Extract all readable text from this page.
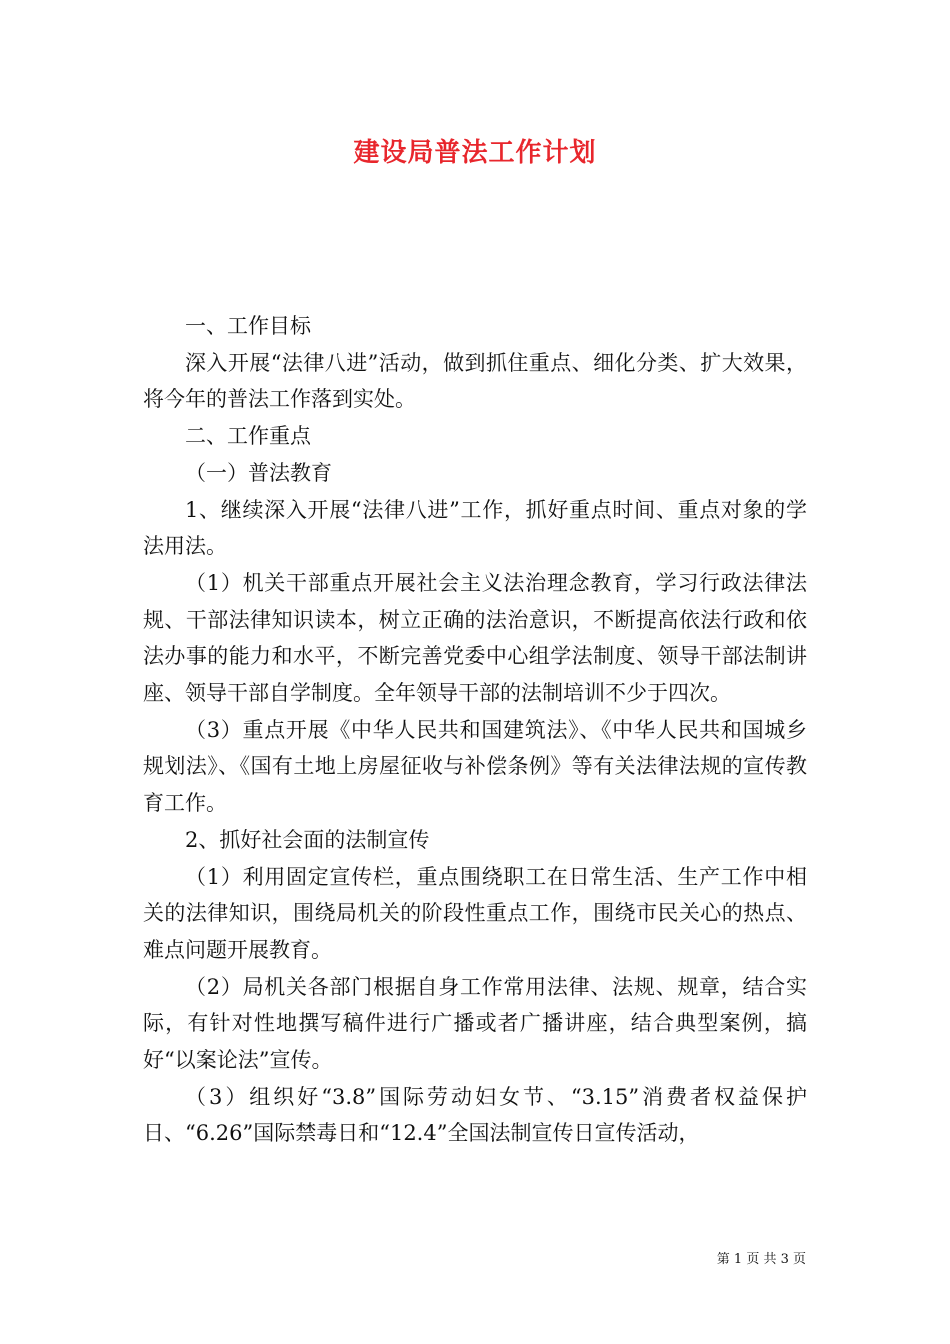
建设局普法工作计划

一、工作目标

深入开展“法律八进”活动，做到抓住重点、细化分类、扩大效果，将今年的普法工作落到实处。

二、工作重点

（一）普法教育

1、继续深入开展“法律八进”工作，抓好重点时间、重点对象的学法用法。

（1）机关干部重点开展社会主义法治理念教育，学习行政法律法规、干部法律知识读本，树立正确的法治意识，不断提高依法行政和依法办事的能力和水平，不断完善党委中心组学法制度、领导干部法制讲座、领导干部自学制度。全年领导干部的法制培训不少于四次。

（3）重点开展《中华人民共和国建筑法》、《中华人民共和国城乡规划法》、《国有土地上房屋征收与补偿条例》等有关法律法规的宣传教育工作。

2、抓好社会面的法制宣传

（1）利用固定宣传栏，重点围绕职工在日常生活、生产工作中相关的法律知识，围绕局机关的阶段性重点工作，围绕市民关心的热点、难点问题开展教育。

（2）局机关各部门根据自身工作常用法律、法规、规章，结合实际，有针对性地撰写稿件进行广播或者广播讲座，结合典型案例，搞好“以案论法”宣传。

（3）组织好“3.8”国际劳动妇女节、“3.15”消费者权益保护日、“6.26”国际禁毒日和“12.4”全国法制宣传日宣传活动，

第 1 页 共 3 页
